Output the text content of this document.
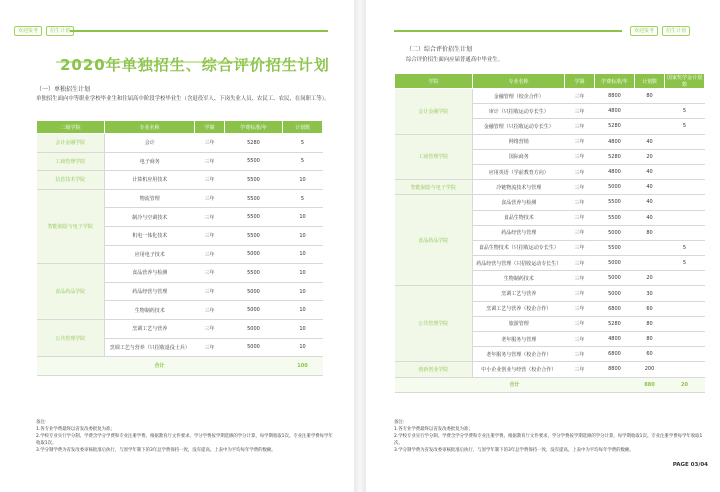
欢迎报考	招生计划
2020年单独招生、综合评价招生计划
（一）单独招生计划
单独招生面向中等职业学校毕业生和往届高中阶段学校毕业生（含退役军人、下岗失业人员、农民工、农民、在岗职工等）。
二级学院	专业名称	学制	学费标准/年	计划数
会计金融学院	会计	三年	5280	5
工商管理学院	电子商务	三年	5500	5
信息技术学院	计算机应用技术	三年	5500	10
智能制造与电子学院	物流管理	三年	5500	5
	制冷与空调技术	三年	5500	10
	机电一体化技术	三年	5500	10
	应用电子技术	三年	5000	10
食品药品学院	食品营养与检测	三年	5500	10
	药品经营与管理	三年	5000	10
	生物制药技术	三年	5000	10
公共管理学院	烹调工艺与营养	三年	5000	10
	烹调工艺与营养（只招收退役士兵）	三年	5000	10
合计				100
备注：
1.各专业学费最终以省发改委批复为准；
2.学校专业实行学分制。学费含学分学费和专业注册学费。根据教育厅文件要求，学分学费按学期选修的学分计算，每学期收取1次。专业注册学费每学年收取1次。
3.学分制学费为省发改委审核批准后执行，与原学年制下的3年总学费保持一致，没有提高。上表中为平均每年学费的数额。
欢迎报考	招生计划
（二）综合评价招生计划
综合评价招生面向应届普通高中毕业生。
学院	专业名称	学制	学费标准/年	计划数	国家奖学金计划数
会计金融学院	金融管理（校企合作）	三年	8800	80	
	审计（只招收运动专长生）	三年	4800		5
	金融管理（只招收运动专长生）	三年	5280		5
工商管理学院	网络营销	三年	4800	40	
	国际商务	三年	5280	20	
	应用英语（学前教育方向）	三年	4800	40	
智能制造与电子学院	冷链物流技术与管理	三年	5000	40	
食品药品学院	食品营养与检测	三年	5500	40	
	食品生物技术	三年	5500	40	
	药品经营与管理	三年	5000	80	
	食品生物技术（只招收运动专长生）	三年	5500		5
	药品经营与管理（只招收运动专长生）	三年	5000		5
	生物制药技术	三年	5000	20	
公共管理学院	烹调工艺与营养	三年	5000	30	
	烹调工艺与营养（校企合作）	三年	6800	60	
	旅游管理	三年	5280	80	
	老年服务与管理	三年	4800	80	
	老年服务与管理（校企合作）	三年	6800	60	
创新创业学院	中小企业创业与经营（校企合作）	三年	8800	200	
合计				880	20
备注：
1.各专业学费最终以省发改委批复为准；
2.学校专业实行学分制。学费含学分学费和专业注册学费。根据教育厅文件要求，学分学费按学期选修的学分计算，每学期收取1次。专业注册学费每学年收取1次。
3.学分制学费为省发改委审核批准后执行，与原学年制下的3年总学费保持一致，没有提高。上表中为平均每年学费的数额。
PAGE 03/04
